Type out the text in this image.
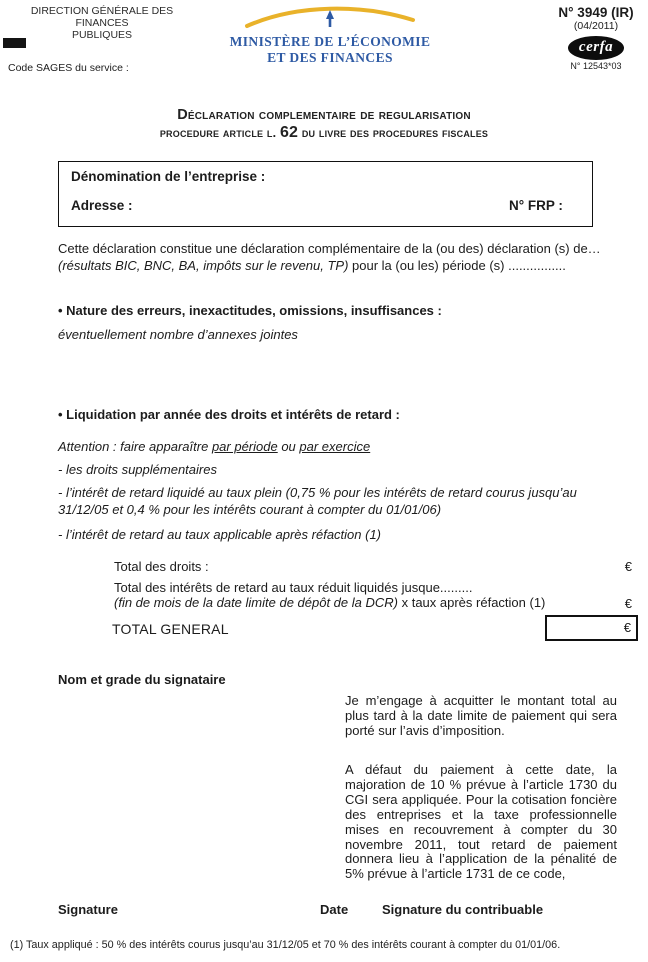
DIRECTION GÉNÉRALE DES FINANCES
PUBLIQUES
Code SAGES du service :
MINISTÈRE DE L’ÉCONOMIE
ET DES FINANCES
N° 3949 (IR)
(04/2011)
cerfa
N° 12543*03
Déclaration complementaire de regularisation
procedure article l. 62 du livre des procedures fiscales
Dénomination de l’entreprise :
Adresse :	N° FRP :
Cette déclaration constitue une déclaration complémentaire de la (ou des) déclaration (s) de…
(résultats BIC, BNC, BA, impôts sur le revenu, TP) pour la (ou les) période (s) ................
• Nature des erreurs, inexactitudes, omissions, insuffisances :
éventuellement nombre d’annexes jointes
• Liquidation par année des droits et intérêts de retard :
Attention : faire apparaître par période ou par exercice
- les droits supplémentaires
- l’intérêt de retard liquidé au taux plein (0,75 % pour les intérêts de retard courus jusqu’au 31/12/05 et 0,4 % pour les intérêts courant à compter du 01/01/06)
- l’intérêt de retard au taux applicable après réfaction (1)
Total des droits :	€
Total des intérêts de retard au taux réduit liquidés jusque.........
(fin de mois de la date limite de dépôt de la DCR) x taux après réfaction (1)	€
TOTAL GENERAL	€
Nom et grade du signataire
Je m’engage à acquitter le montant total au plus tard à la date limite de paiement qui sera porté sur l’avis d’imposition.
A défaut du paiement à cette date, la majoration de 10 % prévue à l’article 1730 du CGI sera appliquée. Pour la cotisation foncière des entreprises et la taxe professionnelle mises en recouvrement à compter du 30 novembre 2011, tout retard de paiement donnera lieu à l’application de la pénalité de 5% prévue à l’article 1731 de ce code,
Signature	Date	Signature du contribuable
(1) Taux appliqué : 50 % des intérêts courus jusqu’au 31/12/05 et 70 % des intérêts courant à compter du 01/01/06.
